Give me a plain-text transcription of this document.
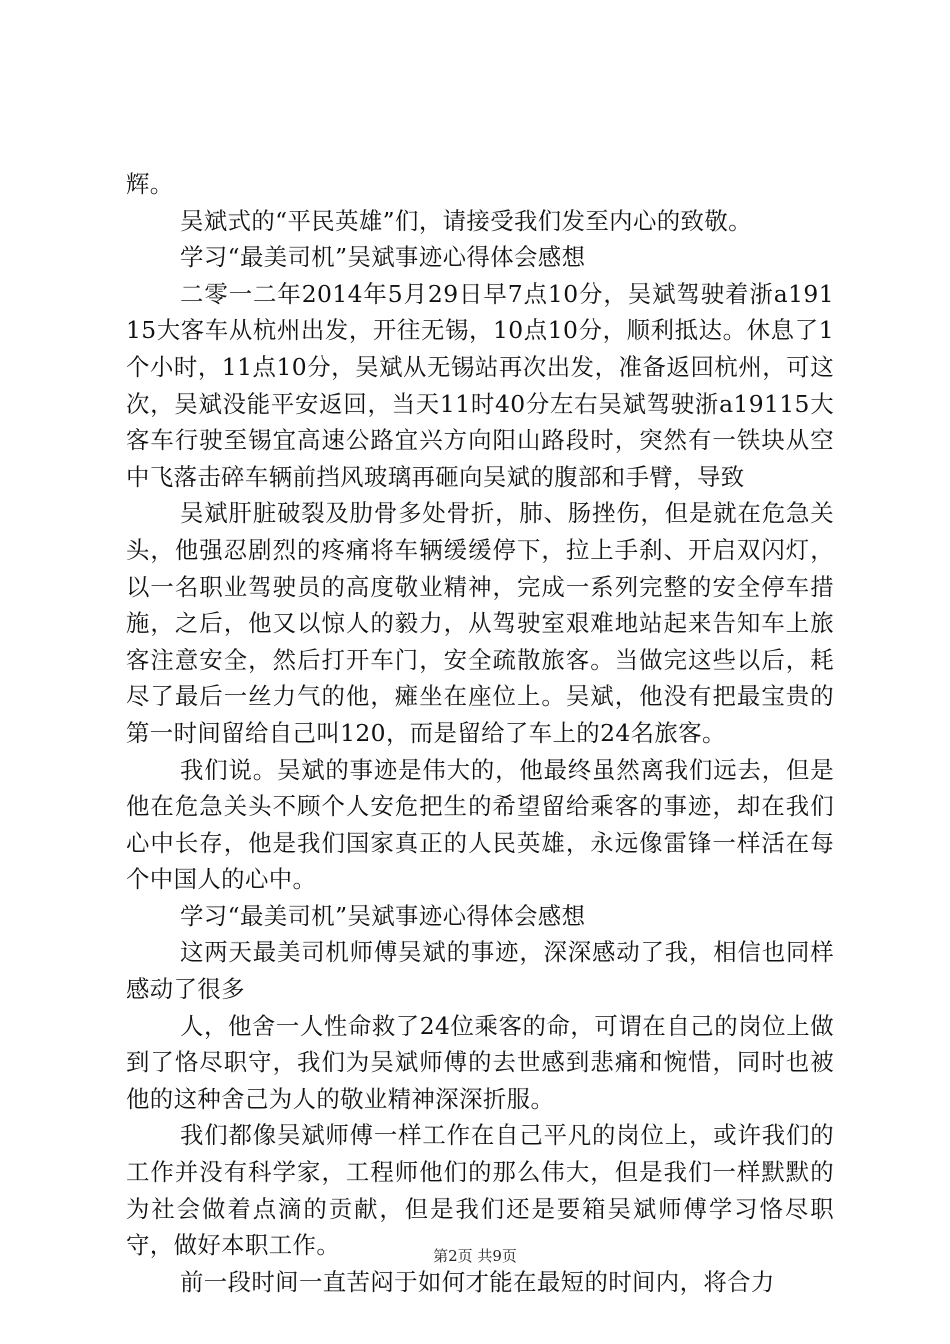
辉。

吴斌式的“平民英雄”们，请接受我们发至内心的致敬。

学习“最美司机”吴斌事迹心得体会感想

二零一二年2014年5月29日早7点10分，吴斌驾驶着浙a19115大客车从杭州出发，开往无锡，10点10分，顺利抵达。休息了1个小时，11点10分，吴斌从无锡站再次出发，准备返回杭州，可这次，吴斌没能平安返回，当天11时40分左右吴斌驾驶浙a19115大客车行驶至锡宜高速公路宜兴方向阳山路段时，突然有一铁块从空中飞落击碎车辆前挡风玻璃再砸向吴斌的腹部和手臂，导致

吴斌肝脏破裂及肋骨多处骨折，肺、肠挫伤，但是就在危急关头，他强忍剧烈的疼痛将车辆缓缓停下，拉上手刹、开启双闪灯，以一名职业驾驶员的高度敬业精神，完成一系列完整的安全停车措施，之后，他又以惊人的毅力，从驾驶室艰难地站起来告知车上旅客注意安全，然后打开车门，安全疏散旅客。当做完这些以后，耗尽了最后一丝力气的他，瘫坐在座位上。吴斌，他没有把最宝贵的第一时间留给自己叫120，而是留给了车上的24名旅客。

我们说。吴斌的事迹是伟大的，他最终虽然离我们远去，但是他在危急关头不顾个人安危把生的希望留给乘客的事迹，却在我们心中长存，他是我们国家真正的人民英雄，永远像雷锋一样活在每个中国人的心中。

学习“最美司机”吴斌事迹心得体会感想

这两天最美司机师傅吴斌的事迹，深深感动了我，相信也同样感动了很多

人，他舍一人性命救了24位乘客的命，可谓在自己的岗位上做到了恪尽职守，我们为吴斌师傅的去世感到悲痛和惋惜，同时也被他的这种舍己为人的敬业精神深深折服。

我们都像吴斌师傅一样工作在自己平凡的岗位上，或许我们的工作并没有科学家，工程师他们的那么伟大，但是我们一样默默的为社会做着点滴的贡献，但是我们还是要箱吴斌师傅学习恪尽职守，做好本职工作。

前一段时间一直苦闷于如何才能在最短的时间内，将合力

第2页 共9页
